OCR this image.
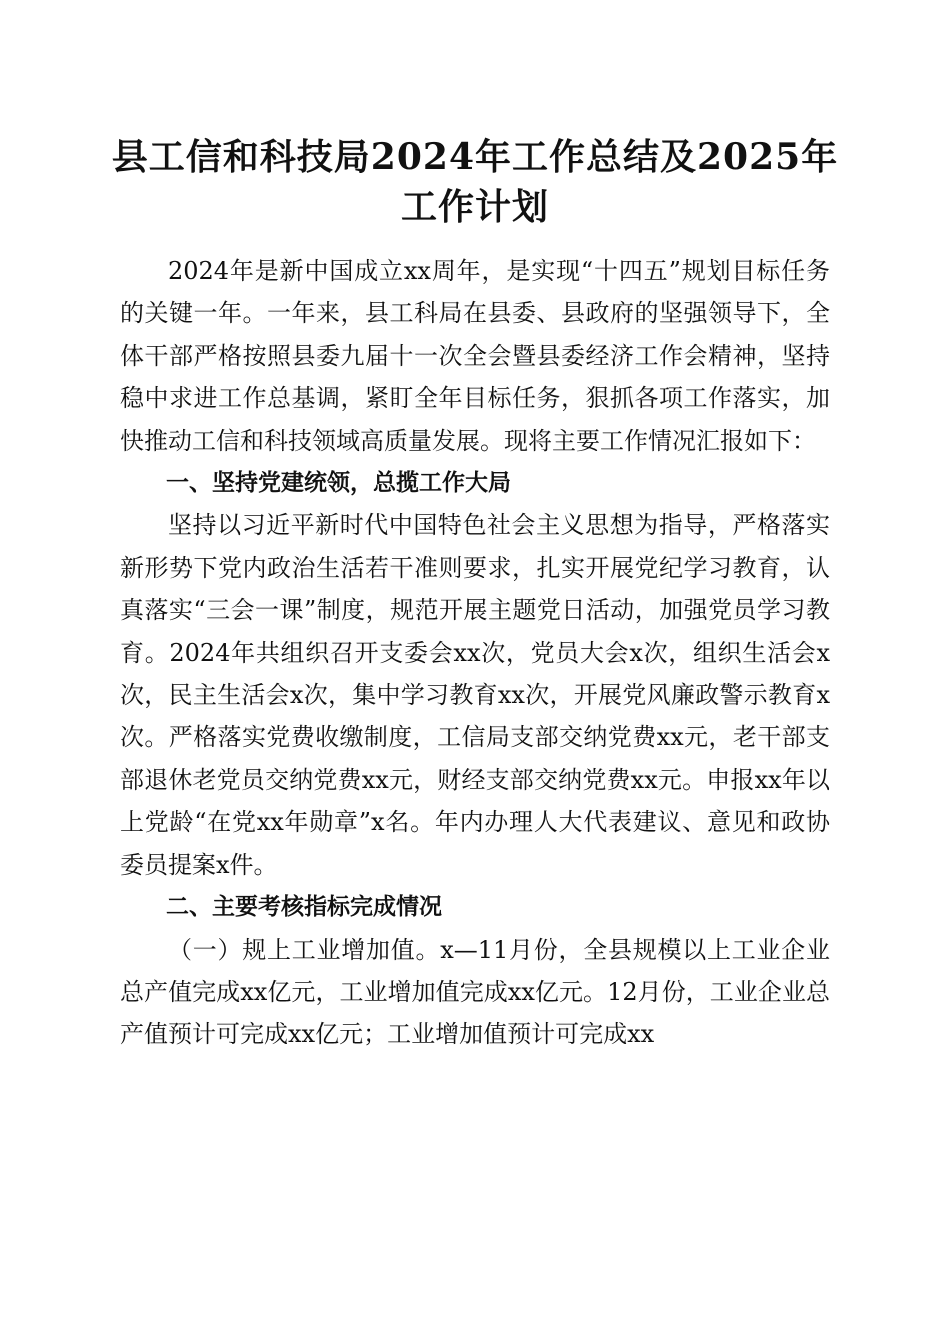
县工信和科技局2024年工作总结及2025年工作计划

2024年是新中国成立xx周年，是实现“十四五”规划目标任务的关键一年。一年来，县工科局在县委、县政府的坚强领导下，全体干部严格按照县委九届十一次全会暨县委经济工作会精神，坚持稳中求进工作总基调，紧盯全年目标任务，狠抓各项工作落实，加快推动工信和科技领域高质量发展。现将主要工作情况汇报如下：

一、坚持党建统领，总揽工作大局

坚持以习近平新时代中国特色社会主义思想为指导，严格落实新形势下党内政治生活若干准则要求，扎实开展党纪学习教育，认真落实“三会一课”制度，规范开展主题党日活动，加强党员学习教育。2024年共组织召开支委会xx次，党员大会x次，组织生活会x次，民主生活会x次，集中学习教育xx次，开展党风廉政警示教育x次。严格落实党费收缴制度，工信局支部交纳党费xx元，老干部支部退休老党员交纳党费xx元，财经支部交纳党费xx元。申报xx年以上党龄“在党xx年勋章”x名。年内办理人大代表建议、意见和政协委员提案x件。

二、主要考核指标完成情况

（一）规上工业增加值。x—11月份，全县规模以上工业企业总产值完成xx亿元，工业增加值完成xx亿元。12月份，工业企业总产值预计可完成xx亿元；工业增加值预计可完成xx
